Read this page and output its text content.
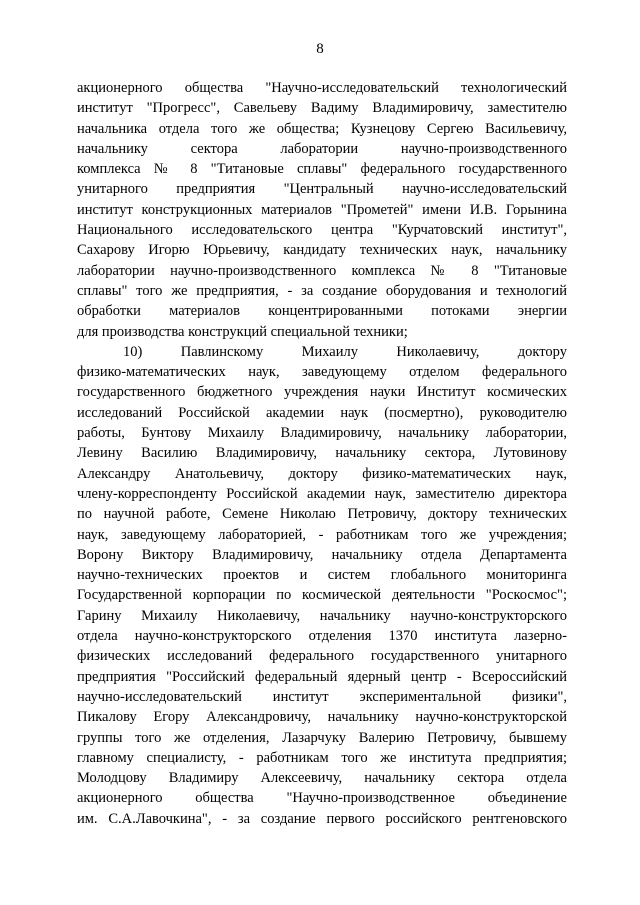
8
акционерного общества "Научно-исследовательский технологический
институт "Прогресс", Савельеву Вадиму Владимировичу, заместителю
начальника отдела того же общества; Кузнецову Сергею Васильевичу,
начальнику сектора лаборатории научно-производственного
комплекса № 8 "Титановые сплавы" федерального государственного
унитарного предприятия "Центральный научно-исследовательский
институт конструкционных материалов "Прометей" имени И.В. Горынина
Национального исследовательского центра "Курчатовский институт",
Сахарову Игорю Юрьевичу, кандидату технических наук, начальнику
лаборатории научно-производственного комплекса № 8 "Титановые
сплавы" того же предприятия, - за создание оборудования и технологий
обработки материалов концентрированными потоками энергии
для производства конструкций специальной техники;
10) Павлинскому Михаилу Николаевичу, доктору
физико-математических наук, заведующему отделом федерального
государственного бюджетного учреждения науки Институт космических
исследований Российской академии наук (посмертно), руководителю
работы, Бунтову Михаилу Владимировичу, начальнику лаборатории,
Левину Василию Владимировичу, начальнику сектора, Лутовинову
Александру Анатольевичу, доктору физико-математических наук,
члену-корреспонденту Российской академии наук, заместителю директора
по научной работе, Семене Николаю Петровичу, доктору технических
наук, заведующему лабораторией, - работникам того же учреждения;
Ворону Виктору Владимировичу, начальнику отдела Департамента
научно-технических проектов и систем глобального мониторинга
Государственной корпорации по космической деятельности "Роскосмос";
Гарину Михаилу Николаевичу, начальнику научно-конструкторского
отдела научно-конструкторского отделения 1370 института лазерно-
физических исследований федерального государственного унитарного
предприятия "Российский федеральный ядерный центр - Всероссийский
научно-исследовательский институт экспериментальной физики",
Пикалову Егору Александровичу, начальнику научно-конструкторской
группы того же отделения, Лазарчуку Валерию Петровичу, бывшему
главному специалисту, - работникам того же института предприятия;
Молодцову Владимиру Алексеевичу, начальнику сектора отдела
акционерного общества "Научно-производственное объединение
им. С.А.Лавочкина", - за создание первого российского рентгеновского
